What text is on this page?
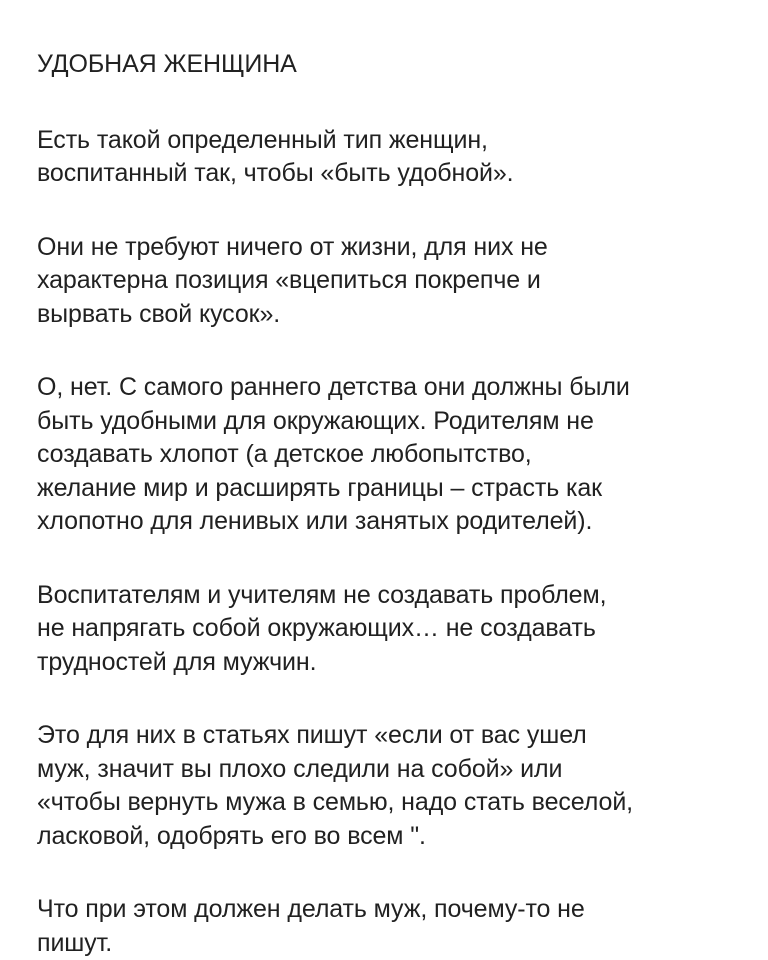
УДОБНАЯ ЖЕНЩИНА

Есть такой определенный тип женщин,
воспитанный так, чтобы «быть удобной».

Они не требуют ничего от жизни, для них не
характерна позиция «вцепиться покрепче и
вырвать свой кусок».

О, нет. С самого раннего детства они должны были
быть удобными для окружающих. Родителям не
создавать хлопот (а детское любопытство,
желание мир и расширять границы – страсть как
хлопотно для ленивых или занятых родителей).

Воспитателям и учителям не создавать проблем,
не напрягать собой окружающих… не создавать
трудностей для мужчин.

Это для них в статьях пишут «если от вас ушел
муж, значит вы плохо следили на собой» или
«чтобы вернуть мужа в семью, надо стать веселой,
ласковой, одобрять его во всем ".

Что при этом должен делать муж, почему-то не
пишут.
